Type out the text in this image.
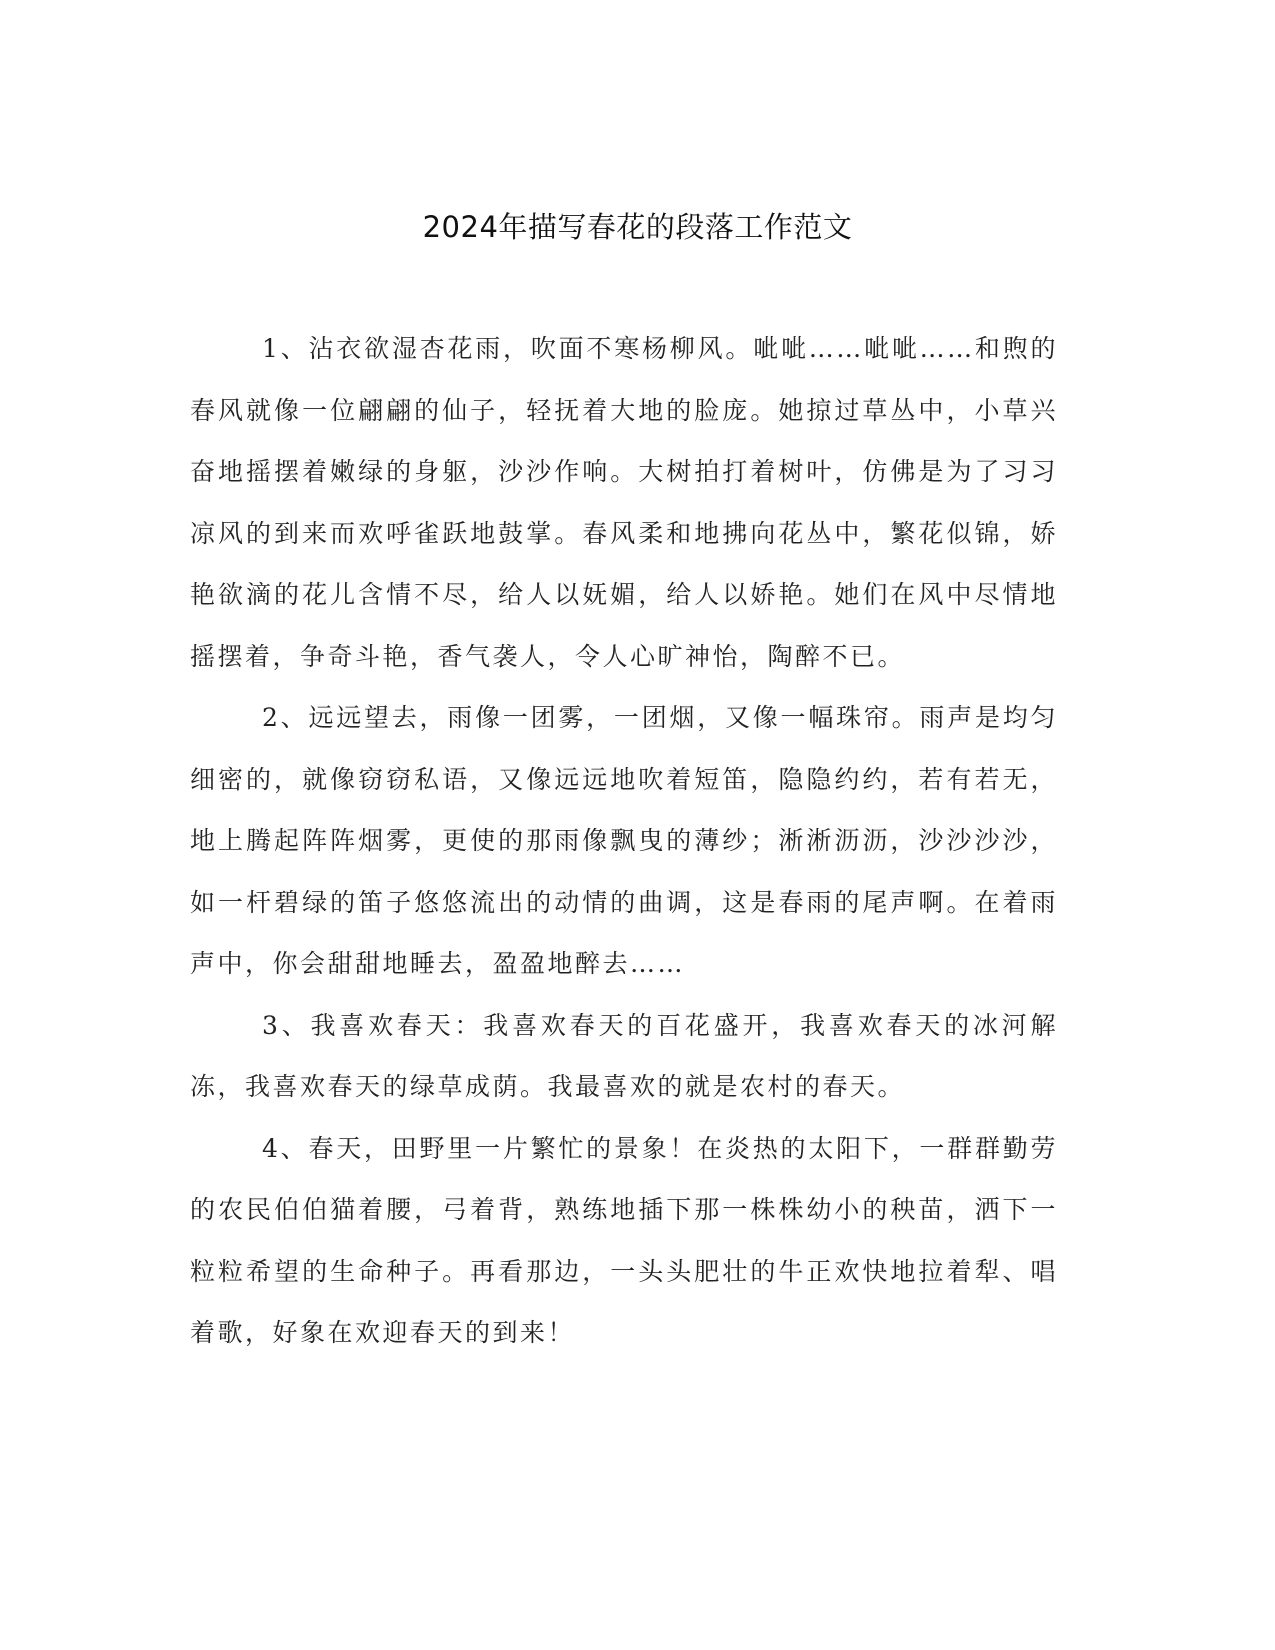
2024年描写春花的段落工作范文

1、沾衣欲湿杏花雨，吹面不寒杨柳风。呲呲……呲呲……和煦的春风就像一位翩翩的仙子，轻抚着大地的脸庞。她掠过草丛中，小草兴奋地摇摆着嫩绿的身躯，沙沙作响。大树拍打着树叶，仿佛是为了习习凉风的到来而欢呼雀跃地鼓掌。春风柔和地拂向花丛中，繁花似锦，娇艳欲滴的花儿含情不尽，给人以妩媚，给人以娇艳。她们在风中尽情地摇摆着，争奇斗艳，香气袭人，令人心旷神怡，陶醉不已。

2、远远望去，雨像一团雾，一团烟，又像一幅珠帘。雨声是均匀细密的，就像窃窃私语，又像远远地吹着短笛，隐隐约约，若有若无，地上腾起阵阵烟雾，更使的那雨像飘曳的薄纱；淅淅沥沥，沙沙沙沙，如一杆碧绿的笛子悠悠流出的动情的曲调，这是春雨的尾声啊。在着雨声中，你会甜甜地睡去，盈盈地醉去……

3、我喜欢春天：我喜欢春天的百花盛开，我喜欢春天的冰河解冻，我喜欢春天的绿草成荫。我最喜欢的就是农村的春天。

4、春天，田野里一片繁忙的景象！在炎热的太阳下，一群群勤劳的农民伯伯猫着腰，弓着背，熟练地插下那一株株幼小的秧苗，洒下一粒粒希望的生命种子。再看那边，一头头肥壮的牛正欢快地拉着犁、唱着歌，好象在欢迎春天的到来！
